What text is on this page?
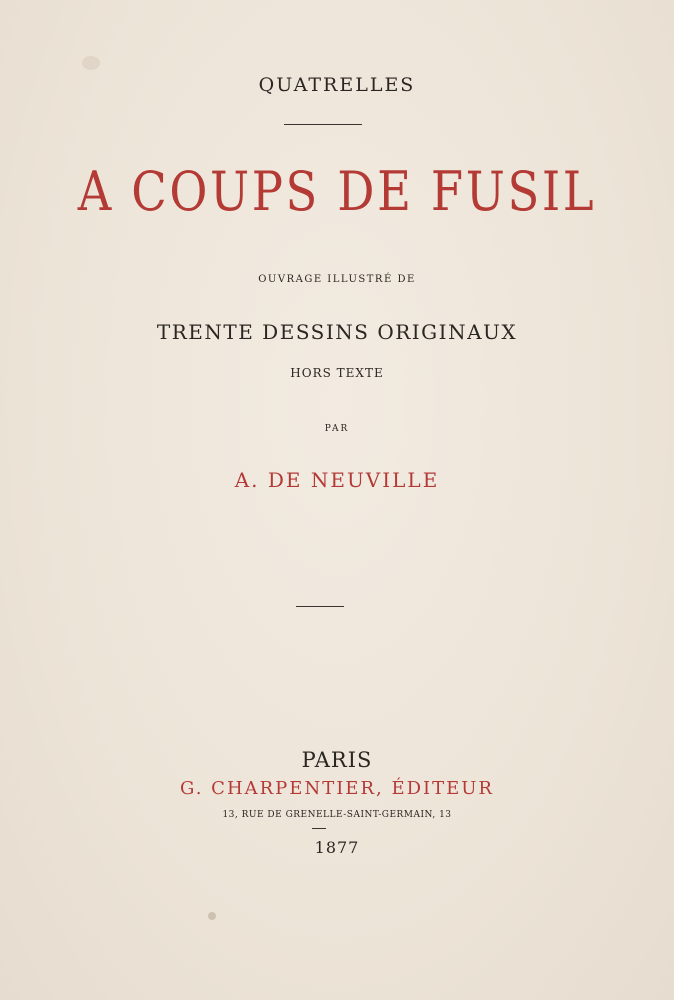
QUATRELLES
A COUPS DE FUSIL
OUVRAGE ILLUSTRÉ DE
TRENTE DESSINS ORIGINAUX
HORS TEXTE
PAR
A. DE NEUVILLE
PARIS
G. CHARPENTIER, ÉDITEUR
13, RUE DE GRENELLE-SAINT-GERMAIN, 13
1877
